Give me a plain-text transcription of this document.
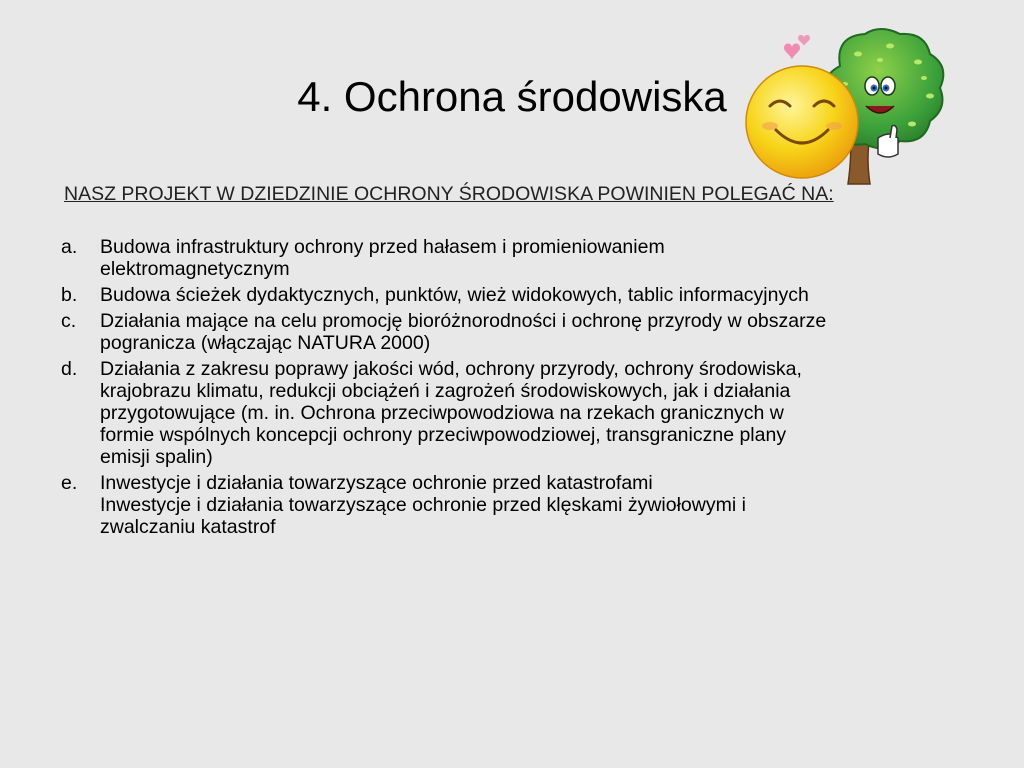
4. Ochrona środowiska

NASZ PROJEKT W DZIEDZINIE OCHRONY ŚRODOWISKA POWINIEN POLEGAĆ NA:

a.	Budowa infrastruktury ochrony przed hałasem i promieniowaniem
elektromagnetycznym
b.	Budowa ścieżek dydaktycznych, punktów, wież widokowych, tablic informacyjnych
c.	Działania mające na celu promocję bioróżnorodności i ochronę przyrody w obszarze
pogranicza (włączając NATURA 2000)
d.	Działania z zakresu poprawy jakości wód, ochrony przyrody, ochrony środowiska,
krajobrazu klimatu, redukcji obciążeń i zagrożeń środowiskowych, jak i działania
przygotowujące (m. in. Ochrona przeciwpowodziowa na rzekach granicznych w
formie wspólnych koncepcji ochrony przeciwpowodziowej, transgraniczne plany
emisji spalin)
e.	Inwestycje i działania towarzyszące ochronie przed katastrofami
Inwestycje i działania towarzyszące ochronie przed klęskami żywiołowymi i
zwalczaniu katastrof
